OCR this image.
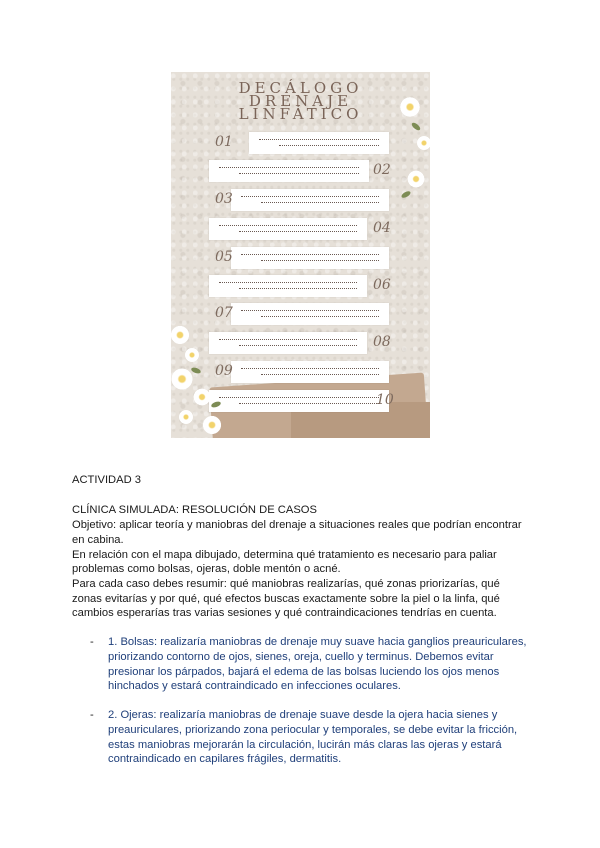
DECÁLOGO
DRENAJE
LINFÁTICO
01
02
03
04
05
06
07
08
09
10
ACTIVIDAD 3
CLÍNICA SIMULADA: RESOLUCIÓN DE CASOS
Objetivo: aplicar teoría y maniobras del drenaje a situaciones reales que podrían encontrar
en cabina.
En relación con el mapa dibujado, determina qué tratamiento es necesario para paliar
problemas como bolsas, ojeras, doble mentón o acné.
Para cada caso debes resumir: qué maniobras realizarías, qué zonas priorizarías, qué
zonas evitarías y por qué, qué efectos buscas exactamente sobre la piel o la linfa, qué
cambios esperarías tras varias sesiones y qué contraindicaciones tendrías en cuenta.
- 1. Bolsas: realizaría maniobras de drenaje muy suave hacia ganglios preauriculares,
priorizando contorno de ojos, sienes, oreja, cuello y terminus. Debemos evitar
presionar los párpados, bajará el edema de las bolsas luciendo los ojos menos
hinchados y estará contraindicado en infecciones oculares.
- 2. Ojeras: realizaría maniobras de drenaje suave desde la ojera hacia sienes y
preauriculares, priorizando zona periocular y temporales, se debe evitar la fricción,
estas maniobras mejorarán la circulación, lucirán más claras las ojeras y estará
contraindicado en capilares frágiles, dermatitis.
